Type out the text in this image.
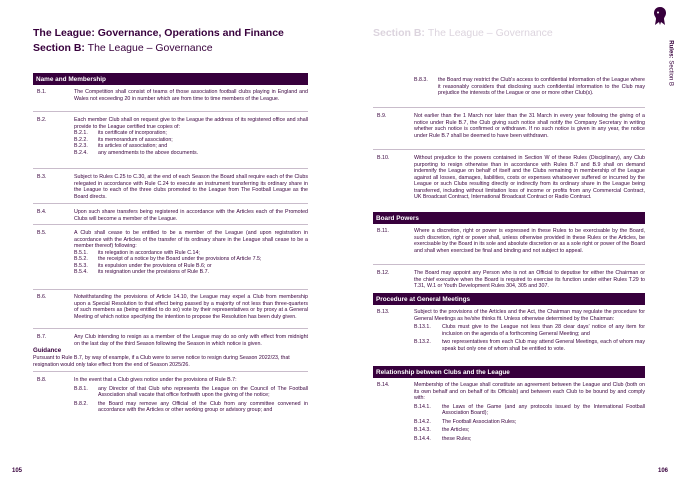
The League: Governance, Operations and Finance
Section B: The League – Governance
Name and Membership
B.1.	The Competition shall consist of teams of those association football clubs playing in England and Wales not exceeding 20 in number which are from time to time members of the League.
B.2.	Each member Club shall on request give to the League the address of its registered office and shall provide to the League certified true copies of:
B.2.1. its certificate of incorporation;
B.2.2. its memorandum of association;
B.2.3. its articles of association; and
B.2.4. any amendments to the above documents.
B.3.	Subject to Rules C.25 to C.30, at the end of each Season the Board shall require each of the Clubs relegated in accordance with Rule C.24 to execute an instrument transferring its ordinary share in the League to each of the three clubs promoted to the League from The Football League as the Board directs.
B.4.	Upon such share transfers being registered in accordance with the Articles each of the Promoted Clubs will become a member of the League.
B.5.	A Club shall cease to be entitled to be a member of the League (and upon registration in accordance with the Articles of the transfer of its ordinary share in the League shall cease to be a member thereof) following:
B.5.1. its relegation in accordance with Rule C.14;
B.5.2. the receipt of a notice by the Board under the provisions of Article 7.5;
B.5.3. its expulsion under the provisions of Rule B.6; or
B.5.4. its resignation under the provisions of Rule B.7.
B.6.	Notwithstanding the provisions of Article 14.10, the League may expel a Club from membership upon a Special Resolution to that effect being passed by a majority of not less than three-quarters of such members as (being entitled to do so) vote by their representatives or by proxy at a General Meeting of which notice specifying the intention to propose the Resolution has been duly given.
B.7.	Any Club intending to resign as a member of the League may do so only with effect from midnight on the last day of the third Season following the Season in which notice is given.
Guidance
Pursuant to Rule B.7, by way of example, if a Club were to serve notice to resign during Season 2022/23, that resignation would only take effect from the end of Season 2025/26.
B.8.	In the event that a Club gives notice under the provisions of Rule B.7:
B.8.1. any Director of that Club who represents the League on the Council of The Football Association shall vacate that office forthwith upon the giving of the notice;
B.8.2. the Board may remove any Official of the Club from any committee convened in accordance with the Articles or other working group or advisory group; and
105
Section B: The League – Governance
Rules: Section B
B.8.3. the Board may restrict the Club's access to confidential information of the League where it reasonably considers that disclosing such confidential information to the Club may prejudice the interests of the League or one or more other Club(s).
B.9.	Not earlier than the 1 March nor later than the 31 March in every year following the giving of a notice under Rule B.7, the Club giving such notice shall notify the Company Secretary in writing whether such notice is confirmed or withdrawn. If no such notice is given in any year, the notice under Rule B.7 shall be deemed to have been withdrawn.
B.10.	Without prejudice to the powers contained in Section W of these Rules (Disciplinary), any Club purporting to resign otherwise than in accordance with Rules B.7 and B.9 shall on demand indemnify the League on behalf of itself and the Clubs remaining in membership of the League against all losses, damages, liabilities, costs or expenses whatsoever suffered or incurred by the League or such Clubs resulting directly or indirectly from its ordinary share in the League being transferred, including without limitation loss of income or profits from any Commercial Contract, UK Broadcast Contract, International Broadcast Contract or Radio Contract.
Board Powers
B.11.	Where a discretion, right or power is expressed in these Rules to be exercisable by the Board, such discretion, right or power shall, unless otherwise provided in these Rules or the Articles, be exercisable by the Board in its sole and absolute discretion or as a sole right or power of the Board and shall when exercised be final and binding and not subject to appeal.
B.12.	The Board may appoint any Person who is not an Official to deputise for either the Chairman or the chief executive when the Board is required to exercise its function under either Rules T.29 to T.31, W.1 or Youth Development Rules 304, 305 and 307.
Procedure at General Meetings
B.13.	Subject to the provisions of the Articles and the Act, the Chairman may regulate the procedure for General Meetings as he/she thinks fit. Unless otherwise determined by the Chairman:
B.13.1. Clubs must give to the League not less than 28 clear days' notice of any item for inclusion on the agenda of a forthcoming General Meeting; and
B.13.2. two representatives from each Club may attend General Meetings, each of whom may speak but only one of whom shall be entitled to vote.
Relationship between Clubs and the League
B.14.	Membership of the League shall constitute an agreement between the League and Club (both on its own behalf and on behalf of its Officials) and between each Club to be bound by and comply with:
B.14.1. the Laws of the Game (and any protocols issued by the International Football Association Board);
B.14.2. The Football Association Rules;
B.14.3. the Articles;
B.14.4. these Rules;
106
